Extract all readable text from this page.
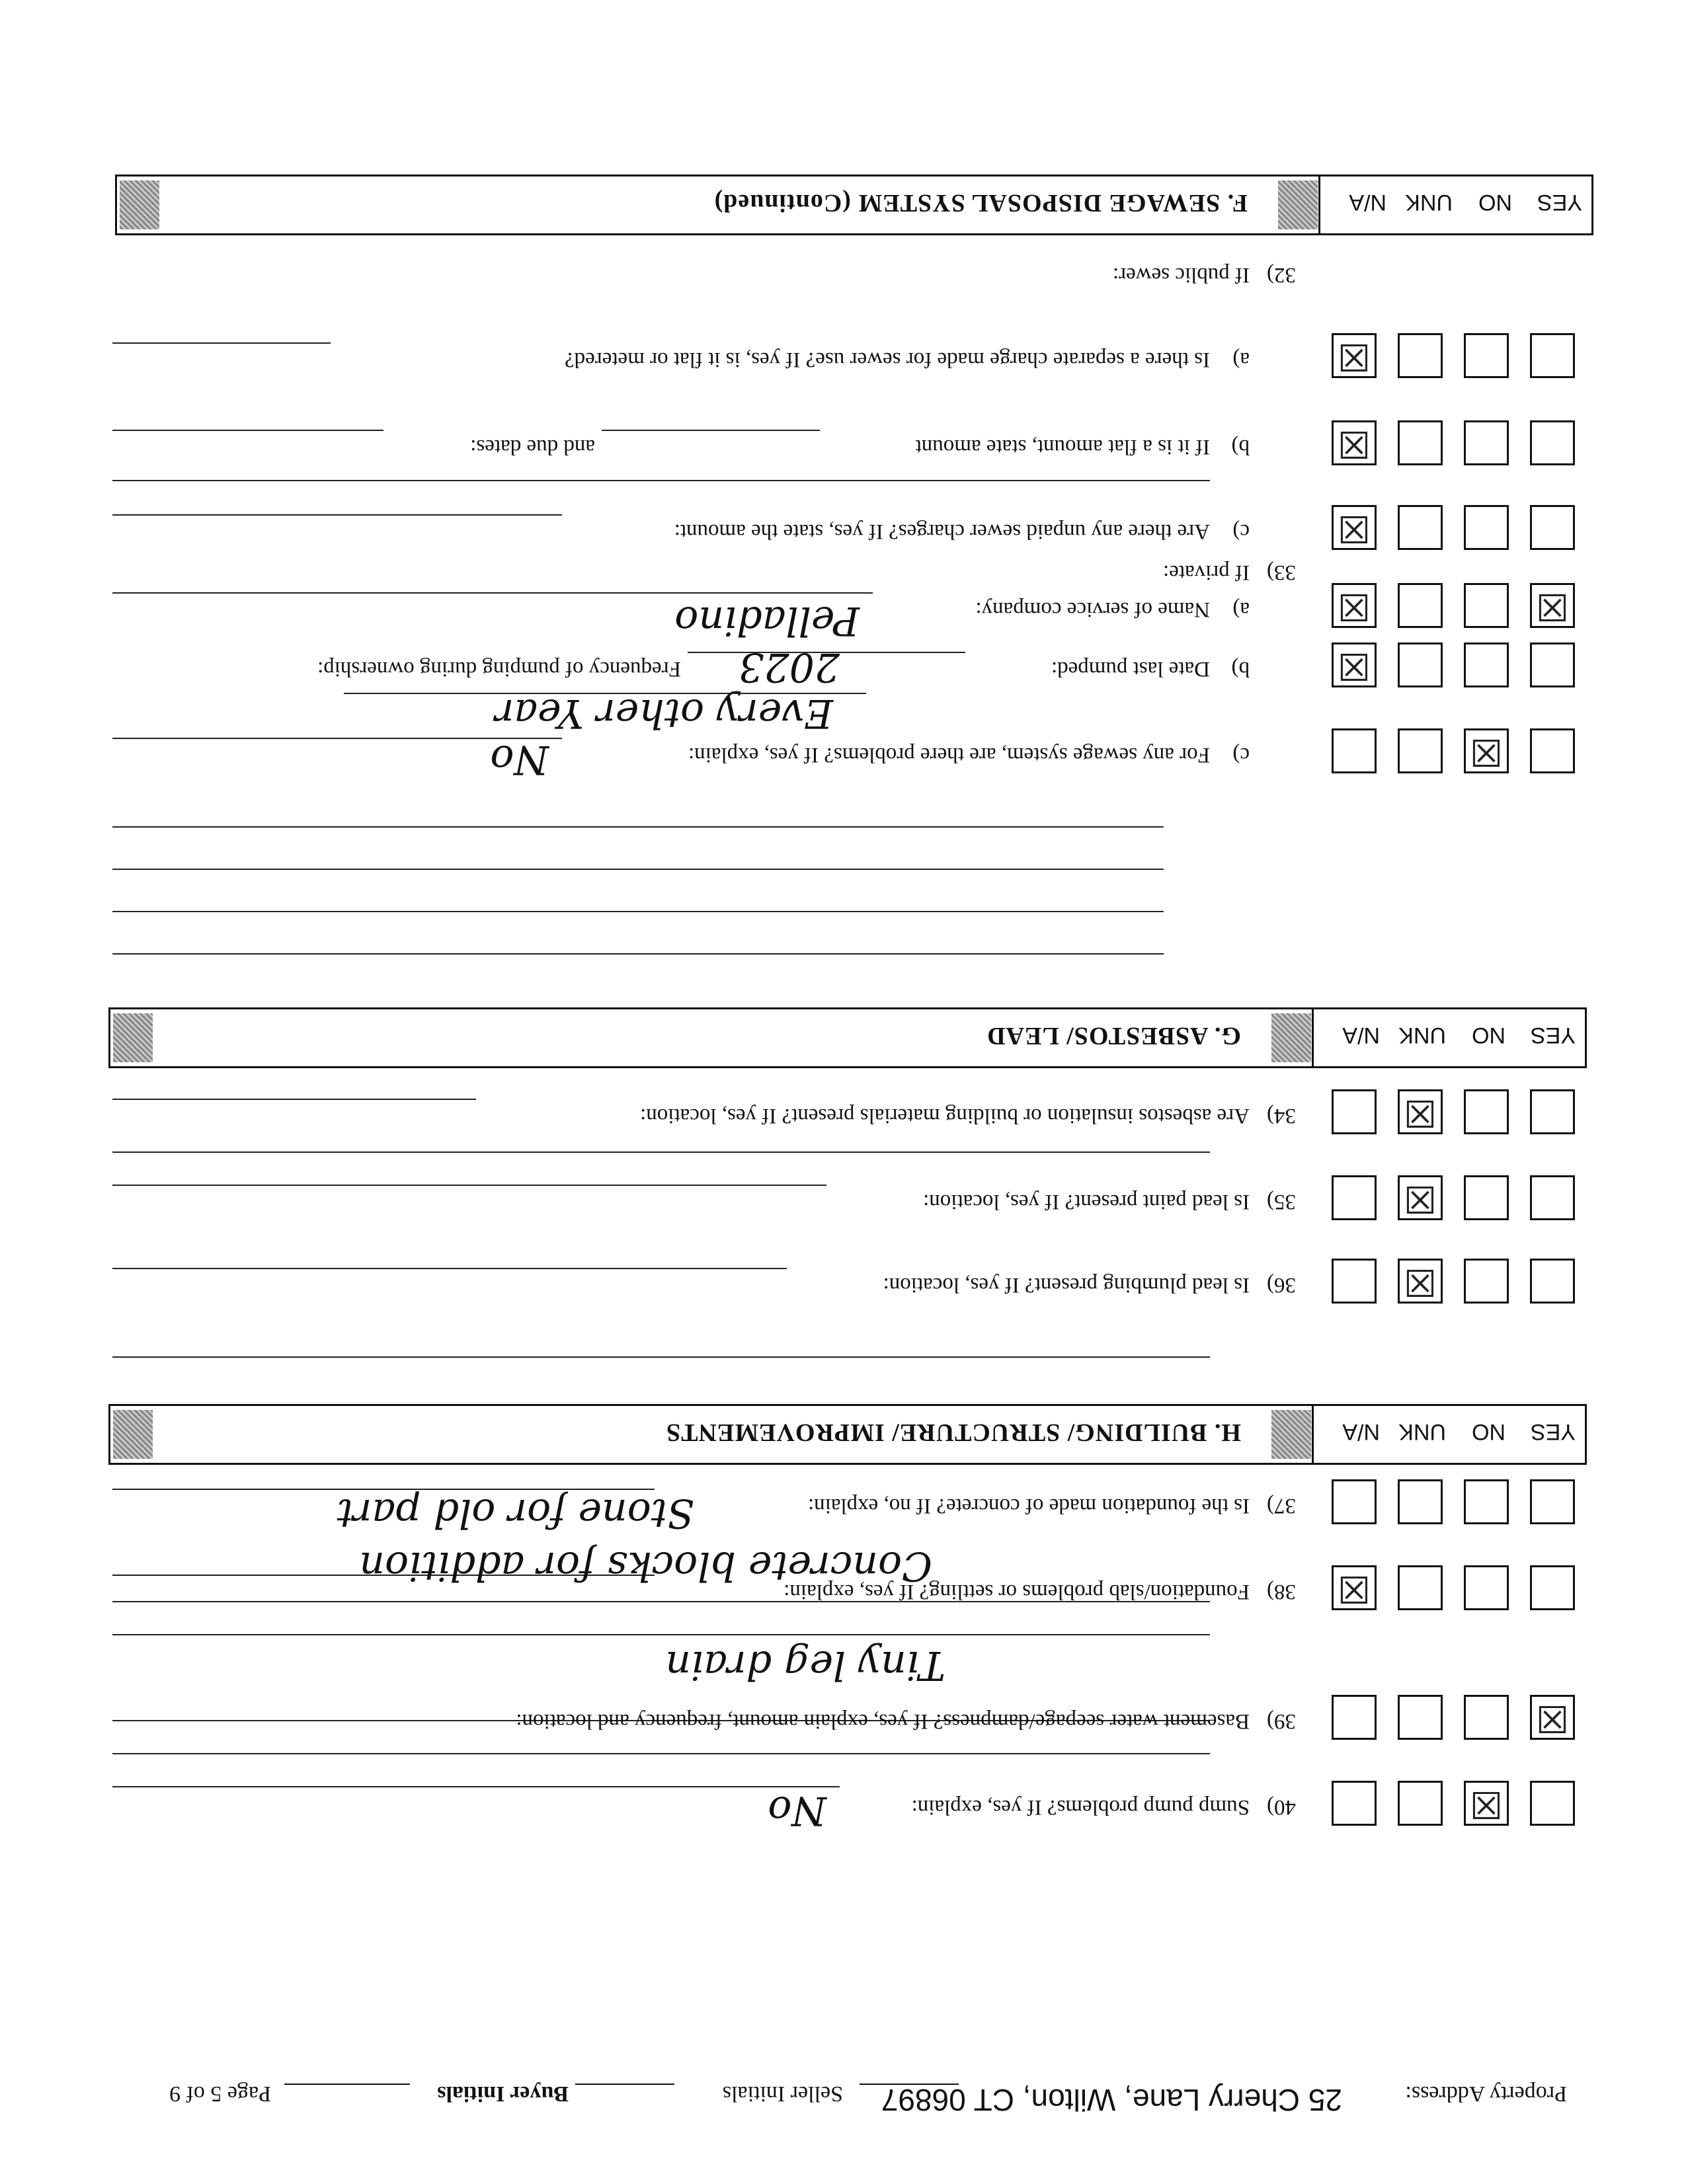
Property Address:
25 Cherry Lane, Wilton, CT 06897
Seller Initials
Buyer Initials
Page 5 of 9
☒
40)Sump pump problems? If yes, explain:
No
☒
39)Basement water seepage/dampness? If yes, explain amount, frequency and location:
Tiny leg drain
☒
38)Foundation/slab problems or settling? If yes, explain:
37)Is the foundation made of concrete? If no, explain:
Stone for old part
Concrete blocks for addition
YES
NO
UNK
N/A
H. BUILDING/ STRUCTURE/ IMPROVEMENTS
☒
36)Is lead plumbing present? If yes, location:
☒
35)Is lead paint present? If yes, location:
☒
34)Are asbestos insulation or building materials present? If yes, location:
YES
NO
UNK
N/A
G. ASBESTOS/ LEAD
☒
c)For any sewage system, are there problems? If yes, explain:
No
Every other Year
☒
b)Date last pumped:
2023
Frequency of pumping during ownership:
☒
☒
a)Name of service company:
Pelladino
33)If private:
☒
c)Are there any unpaid sewer charges? If yes, state the amount:
☒
b)If it is a flat amount, state amount
and due dates:
☒
a)Is there a separate charge made for sewer use? If yes, is it flat or metered?
32)If public sewer:
YES
NO
UNK
N/A
F. SEWAGE DISPOSAL SYSTEM (Continued)
